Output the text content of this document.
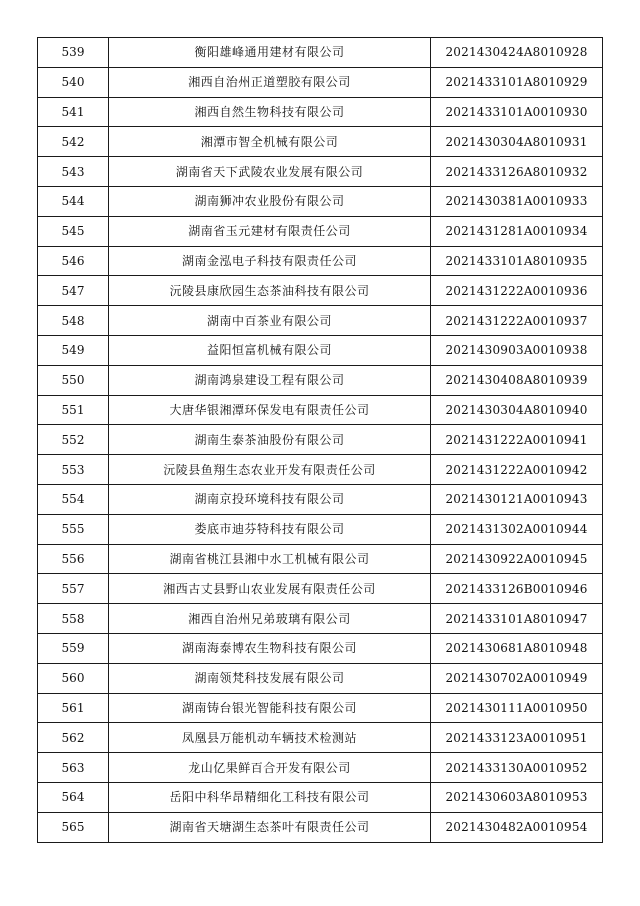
539	衡阳雄峰通用建材有限公司	2021430424A8010928
540	湘西自治州正道塑胶有限公司	2021433101A8010929
541	湘西自然生物科技有限公司	2021433101A0010930
542	湘潭市智全机械有限公司	2021430304A8010931
543	湖南省天下武陵农业发展有限公司	2021433126A8010932
544	湖南狮冲农业股份有限公司	2021430381A0010933
545	湖南省玉元建材有限责任公司	2021431281A0010934
546	湖南金泓电子科技有限责任公司	2021433101A8010935
547	沅陵县康欣园生态茶油科技有限公司	2021431222A0010936
548	湖南中百茶业有限公司	2021431222A0010937
549	益阳恒富机械有限公司	2021430903A0010938
550	湖南鸿泉建设工程有限公司	2021430408A8010939
551	大唐华银湘潭环保发电有限责任公司	2021430304A8010940
552	湖南生泰茶油股份有限公司	2021431222A0010941
553	沅陵县鱼翔生态农业开发有限责任公司	2021431222A0010942
554	湖南京投环境科技有限公司	2021430121A0010943
555	娄底市迪芬特科技有限公司	2021431302A0010944
556	湖南省桃江县湘中水工机械有限公司	2021430922A0010945
557	湘西古丈县野山农业发展有限责任公司	2021433126B0010946
558	湘西自治州兄弟玻璃有限公司	2021433101A8010947
559	湖南海泰博农生物科技有限公司	2021430681A8010948
560	湖南领梵科技发展有限公司	2021430702A0010949
561	湖南铸台银光智能科技有限公司	2021430111A0010950
562	凤凰县万能机动车辆技术检测站	2021433123A0010951
563	龙山亿果鲜百合开发有限公司	2021433130A0010952
564	岳阳中科华昂精细化工科技有限公司	2021430603A8010953
565	湖南省天塘湖生态茶叶有限责任公司	2021430482A0010954
